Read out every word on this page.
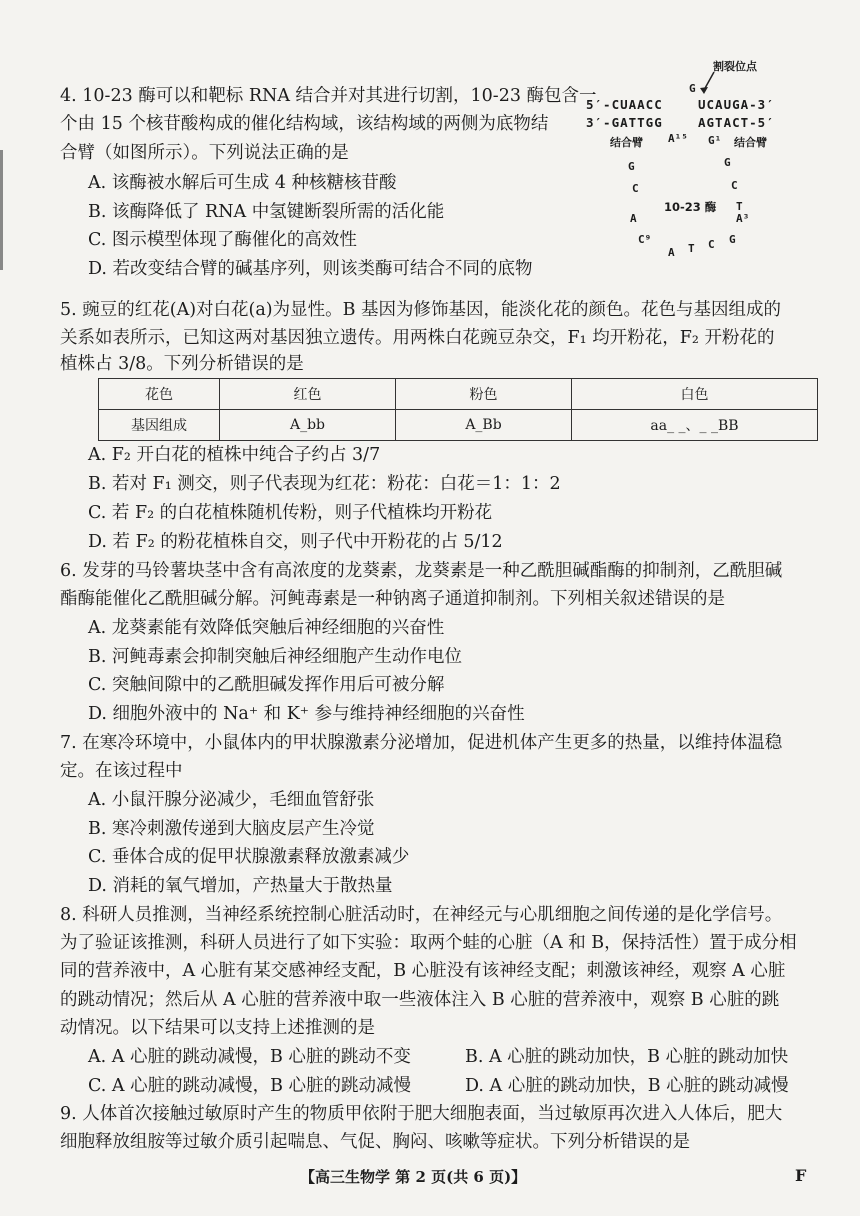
4. 10-23 酶可以和靶标 RNA 结合并对其进行切割，10-23 酶包含一
个由 15 个核苷酸构成的催化结构域，该结构域的两侧为底物结
合臂（如图所示）。下列说法正确的是
A. 该酶被水解后可生成 4 种核糖核苷酸
B. 该酶降低了 RNA 中氢键断裂所需的活化能
C. 图示模型体现了酶催化的高效性
D. 若改变结合臂的碱基序列，则该类酶可结合不同的底物
割裂位点
G
5′-CUAACC	UCAUGA-3′
3′-GATTGG	AGTACT-5′
结合臂 A¹⁵ G¹ 结合臂
G
C
A
C⁹
A T C
G
C
T
A³
G
10-23 酶
5. 豌豆的红花(A)对白花(a)为显性。B 基因为修饰基因，能淡化花的颜色。花色与基因组成的
关系如表所示，已知这两对基因独立遗传。用两株白花豌豆杂交，F₁ 均开粉花，F₂ 开粉花的
花色	红色	粉色	白色
基因组成	A_bb	A_Bb	aa_ _、_ _BB
A. F₂ 开白花的植株中纯合子约占 3/7
B. 若对 F₁ 测交，则子代表现为红花：粉花：白花＝1：1：2
C. 若 F₂ 的白花植株随机传粉，则子代植株均开粉花
D. 若 F₂ 的粉花植株自交，则子代中开粉花的占 5/12
6. 发芽的马铃薯块茎中含有高浓度的龙葵素，龙葵素是一种乙酰胆碱酯酶的抑制剂，乙酰胆碱
酯酶能催化乙酰胆碱分解。河鲀毒素是一种钠离子通道抑制剂。下列相关叙述错误的是
A. 龙葵素能有效降低突触后神经细胞的兴奋性
B. 河鲀毒素会抑制突触后神经细胞产生动作电位
C. 突触间隙中的乙酰胆碱发挥作用后可被分解
D. 细胞外液中的 Na⁺ 和 K⁺ 参与维持神经细胞的兴奋性
7. 在寒冷环境中，小鼠体内的甲状腺激素分泌增加，促进机体产生更多的热量，以维持体温稳
定。在该过程中
A. 小鼠汗腺分泌减少，毛细血管舒张
B. 寒冷刺激传递到大脑皮层产生冷觉
C. 垂体合成的促甲状腺激素释放激素减少
D. 消耗的氧气增加，产热量大于散热量
8. 科研人员推测，当神经系统控制心脏活动时，在神经元与心肌细胞之间传递的是化学信号。
为了验证该推测，科研人员进行了如下实验：取两个蛙的心脏（A 和 B，保持活性）置于成分相
同的营养液中，A 心脏有某交感神经支配，B 心脏没有该神经支配；刺激该神经，观察 A 心脏
的跳动情况；然后从 A 心脏的营养液中取一些液体注入 B 心脏的营养液中，观察 B 心脏的跳
动情况。以下结果可以支持上述推测的是
A. A 心脏的跳动减慢，B 心脏的跳动不变	B. A 心脏的跳动加快，B 心脏的跳动加快
C. A 心脏的跳动减慢，B 心脏的跳动减慢	D. A 心脏的跳动加快，B 心脏的跳动减慢
9. 人体首次接触过敏原时产生的物质甲依附于肥大细胞表面，当过敏原再次进入人体后，肥大
细胞释放组胺等过敏介质引起喘息、气促、胸闷、咳嗽等症状。下列分析错误的是
【高三生物学 第 2 页(共 6 页)】	F
植株占 3/8。下列分析错误的是
